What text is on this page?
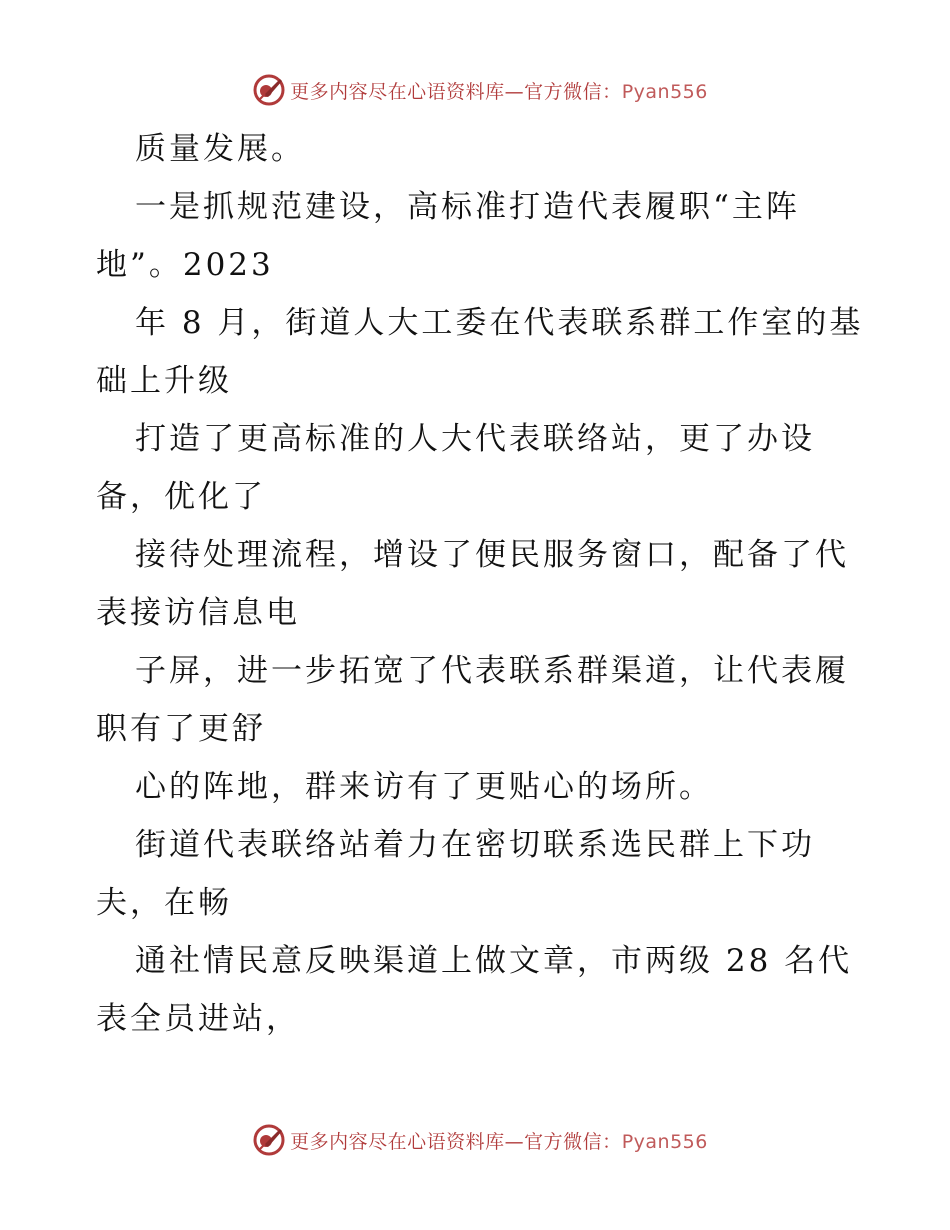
更多内容尽在心语资料库—官方微信：Pyan556
质量发展。
一是抓规范建设，高标准打造代表履职“主阵
地”。2023
年 8 月，街道人大工委在代表联系群工作室的基
础上升级
打造了更高标准的人大代表联络站，更了办设
备，优化了
接待处理流程，增设了便民服务窗口，配备了代
表接访信息电
子屏，进一步拓宽了代表联系群渠道，让代表履
职有了更舒
心的阵地，群来访有了更贴心的场所。
街道代表联络站着力在密切联系选民群上下功
夫，在畅
通社情民意反映渠道上做文章，市两级 28 名代
表全员进站，
更多内容尽在心语资料库—官方微信：Pyan556
